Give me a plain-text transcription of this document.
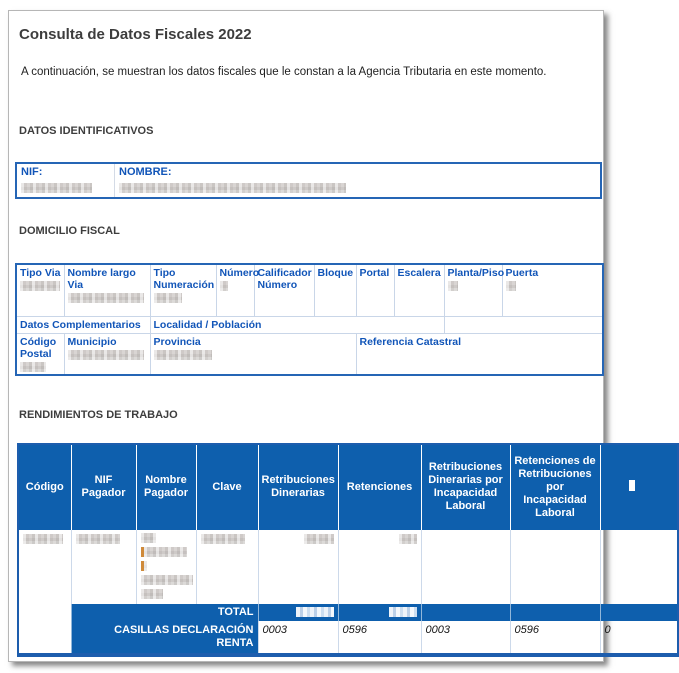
Consulta de Datos Fiscales 2022

A continuación, se muestran los datos fiscales que le constan a la Agencia Tributaria en este momento.

DATOS IDENTIFICATIVOS
NIF:	NOMBRE:
DOMICILIO FISCAL
Tipo Via	Nombre largo Via	Tipo Numeración	Número	Calificador Número	Bloque	Portal	Escalera	Planta/Piso	Puerta

Datos Complementarios		Localidad / Población							
Código Postal	Municipio	Provincia				Referencia Catastral			
RENDIMIENTOS DE TRABAJO
Código	NIF Pagador	Nombre Pagador	Clave	Retribuciones Dinerarias	Retenciones	Retribuciones Dinerarias por Incapacidad Laboral	Retenciones de Retribuciones por Incapacidad Laboral	

	TOTAL							
	CASILLAS DECLARACIÓN RENTA			0003	0596	0003	0596	0
